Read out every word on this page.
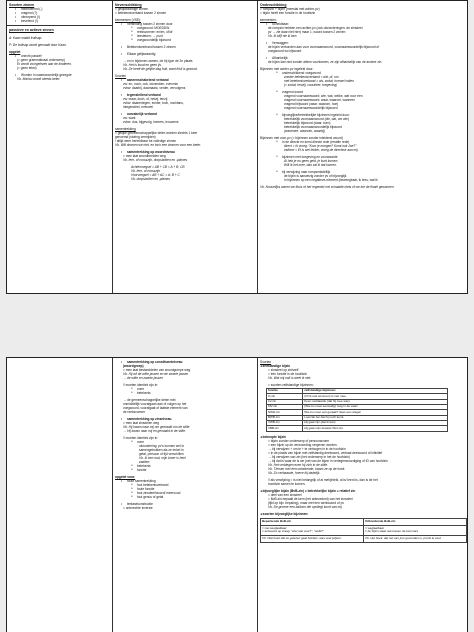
Soorten zinnen
• mededelend (.)
• vragend (?)
• uitroepend (!)
• bevelend (!)
passieve en actieve zinnen
A: Kaan maakt fruitsap.
P: De fruitsap wordt gemaakt door Kaan.
opgelet
• onecht passief
(= geen grammaticaal onderwerp)
Er wordt voorgelezen aan de kinderen.
(= geen tekst)
• Worden in naamwoordelijk gezegde
Vb. Marlou wordt steeds beter.
Nevenschikking
= gelijkwaardige zinnen
= betekenisverband tussen 2 zinnen
kenmerken (VSE):
• Verbinding tussen 2 zinnen door
o voegwoord: MOEDDW
o reeksvormer: en/en, of/of
o leesteken: → punt
o voegwoordelijk bijwoord
• Betekenisverband tussen 2 zinnen
• Elkaar gelijkwaardig
→ en in bijzinnen zamen, de bij type de 2e plaats
Vb. Het is koud en geen ijs.
Vb. Ze heeft de gelijke dag fruit, want frisli is gezond.
Soorten
• aaneenschakelend verband
vw: en, noch, ook, bovendien, evenmin
vvbw: daarbij, daarnaast, verder, vervolgens
• tegenstellend verband
vw: maar, doch, of, hetzij, tenzij
vvbw: daarentegen, echter, toch, nochtans,
integendeel, evenwel
• oorzakelijk verband
vw: want
vvbw: dus, bijgevolg, immers, trouwens
samentrekking
= gelijke gemeenschappelijke delen worden slechts 1 keer
genoemd (storing vermijden)
! altijd weer herleidbaar tot volledige zinnen
Vb. Wilt dromen we niet, en toch een dromen voor een beter.
• samentrekking op woordniveau
= men laat woordbeelden weg
Vb. leer- of roosszijn, dorpsbotten en -plaines
Achtervoegsel = AB + CB = A + B; CB
Vb. leer- of roosszijn
Voorvoegsel = AB + AC = A: B + C
Vb. dorpsbotten en -plaines
Onderschikking
= rompzin + bijzin (meestal met achter-pv)
= bijzin heeft een functie in de hoofdzin
kenmerken:
• Scheidbaar:
de rompzin hebben een achter-pv (ook uitzonderingen: de zinsdeel
pv → zie daar niet hier) maar 1, woord tussen 2 zinnen
Vb. Ik blijf nie ik ben.
• Verwaggen:
de bijzin verbonden aan voor voornaamwoord, voornaamwoordelijk bijwoord of
voegwoord wo bijwoord
• Afhankelijk:
de bijzin kan niet zonder alleen voorkomen, ze zijn afhankelijk van de andere zin
Bijzinnen met achter-pv ingeleid door:
o onderschikkend voegwoord
zonder betekenisverband = dat, of, om
met betekenisverband = als, zodat, hoewel indien
(= zodat, terwijl, vooraleer, toegeving)
o vragend woord
vragend voornaamwoord: wie, wat, welke, wat voor een
vragend voornaamwoord: waar, waarom, wanneer
vragend bijwoord (waar, waarom, hoe)
vragend voornaamwoordelijk bijwoord
o bijvoeglijke/betrekkelijke bijzinnen ingeleid door:
betrekkelijk voornaamwoord (die, dat, om wie)
betrekkelijk bijwoord (waar, toen)
betrekkelijk voornaamwoordelijk bijwoord
(waarmee, waarvan, waarbij)
Bijzinnen met voor-pv (= bijzinnen zonder inleidend woord)
o in de directe en semi-directe rede (erratile rede)
direct = Ik vroeg: "Kom je morgen? Komt ook Joe?"
indirect = Ef is wel lekker, vroeg de directeur aan mij.
o bijzinnen met toegeving en voorwaarde
Al heb je nu geen geld, je kunt komen.
Wilt ik het mee, dan zal ik dat komen.
o bij verwijzing naar rompsmiddellijk
de bijzin is aanwezig zonder pv of bijvoeglijk
in bijzinnen op een negatieve-element (beweegbaar, ik lees, wat ik
Vb. Nouvelijks waren we thuis of het regende/ net schaalde niets of we toe de finale gewonnen
• samentrekking op constituentniveau
(woordgroep)
= men laat bestanddelen van woordgroepe weg
Vb. Hij wil de witte jassen en de zwarte jassen
→ de witte en zwarte jassen
!! moeten identiek zijn in:
o vorm
o betekenis
→ de gemeenschappelijke delen mbt
onmiddellijk voorafgaan aan of volgen op het
voegwoord, voorafgaat of laatste element van
de reeksvormer
• samentrekking op zinsniveau
= men laat zinsdelen weg
Vb. Hij kwam naar mij om gemaakt om de stilte.
→ Hij kwam naar mij en gemaakt in de stilte.
!! moeten identiek zijn in:
o vorm
uitzondering: pv's kunnen wel in
samengetrokken als ze enkel in
getal, persoon of tijd verschillen
Vb. Ik ben oud, mijn broer is heel
zadden
o betekenis
o functie
opgelet voor:
• foute samentrekking
o fout betekenisverband
o foute functie
o fout zinsdeel/woord/ meervoud
o fout genus of getal
• tentasekonstructie
= onterechte inversie
Soorten
➔ zelfstandige bijzin
= zinsdeel op zichzelf
= één functie in de hoofdzin
Vb. Wat mij ooit is weet ik niet.
= soorten zelfstandige bijzinnen:
functie	zelfstandige bijzinnen
O-zin	(Of ik ook sommen) is niet mee.
LV-zin	Koen verklaarde (dat hij mee was)
MV-zin	(Wie ku moet eenmalig) mag in de vaart
NWD-zin	Wie ku moet ooit geraak? dees een wagen
BWB-zin	Loerzak bei dat hij noch komt.
VWB-zin	Hij gaat zijn (dat ik kan)
VBB-zin	Hij gaat mijn doekter films ik).
➔ beknopte bijzin
= bijzin zonder onderwerp of persoonsvorm
= een bijzin op de verwoording vergeven worden.
→ bij verwijzen + om te + te verbogen in in de hoofdzin
= in de plaats van bijzin met zelfstandig deelwoord, verbaal deelwoord of infinitief
→ bij verwijzen van zin (het onderwerp in het de hoofdzin)
→ bij dat is waar de is we (net van de bijzin in vertegenwoordiging of ID van hoofdzin
Vb. Het verbiegen even hij zich in de stilte.
Vb. Tiersen met een onbekende, kwam ze op de hoek.
Vb. Zo verbaasde, hoeve hij dadelijk.
!! als verwijzing = is niet belangrijk of al met/jel/elk, al is/ leerd is, dan is de het
hoofdzin samen te komen.
➔ bijvoeglijke bijzin (BvB-zin) = betrekkelijke bijzin = relatief zin
= deel van een zinsdeel
= BvB-zin bepaalt de kern (het antecedent) van het zinsdeel
(lijkt op bijv. bepaling), maar met een werkwoord of pv
Vb. De groene een balloon die opvliegt komt van mij.
➔ soorten bijvoeglijke bijzinnen:
Beperkende BvB-zin	Uitbreidende BvB-zin
= niet weglaatbaar
= antwoord op vraag: "wie/ wat voor?", "welk?"	= weglaatbaar
= de bijzin staat ook tussen de komma's
Vb. Wat boek dat ze gelezen gaat hebben, was veel prijzen.	Vb. Het boek, dat net van jour gevonden is, prooit te veel.
